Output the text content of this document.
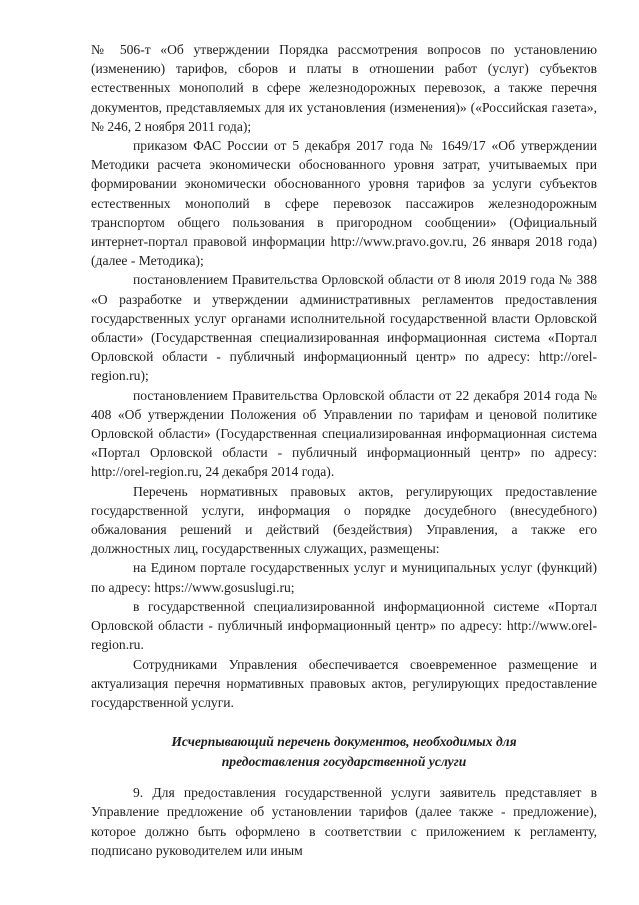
№ 506-т «Об утверждении Порядка рассмотрения вопросов по установлению (изменению) тарифов, сборов и платы в отношении работ (услуг) субъектов естественных монополий в сфере железнодорожных перевозок, а также перечня документов, представляемых для их установления (изменения)» («Российская газета», № 246, 2 ноября 2011 года);

приказом ФАС России от 5 декабря 2017 года № 1649/17 «Об утверждении Методики расчета экономически обоснованного уровня затрат, учитываемых при формировании экономически обоснованного уровня тарифов за услуги субъектов естественных монополий в сфере перевозок пассажиров железнодорожным транспортом общего пользования в пригородном сообщении» (Официальный интернет-портал правовой информации http://www.pravo.gov.ru, 26 января 2018 года) (далее - Методика);

постановлением Правительства Орловской области от 8 июля 2019 года № 388 «О разработке и утверждении административных регламентов предоставления государственных услуг органами исполнительной государственной власти Орловской области» (Государственная специализированная информационная система «Портал Орловской области - публичный информационный центр» по адресу: http://orel-region.ru);

постановлением Правительства Орловской области от 22 декабря 2014 года № 408 «Об утверждении Положения об Управлении по тарифам и ценовой политике Орловской области» (Государственная специализированная информационная система «Портал Орловской области - публичный информационный центр» по адресу: http://orel-region.ru, 24 декабря 2014 года).

Перечень нормативных правовых актов, регулирующих предоставление государственной услуги, информация о порядке досудебного (внесудебного) обжалования решений и действий (бездействия) Управления, а также его должностных лиц, государственных служащих, размещены:

на Едином портале государственных услуг и муниципальных услуг (функций) по адресу: https://www.gosuslugi.ru;

в государственной специализированной информационной системе «Портал Орловской области - публичный информационный центр» по адресу: http://www.orel-region.ru.

Сотрудниками Управления обеспечивается своевременное размещение и актуализация перечня нормативных правовых актов, регулирующих предоставление государственной услуги.

Исчерпывающий перечень документов, необходимых для
предоставления государственной услуги

9. Для предоставления государственной услуги заявитель представляет в Управление предложение об установлении тарифов (далее также - предложение), которое должно быть оформлено в соответствии с приложением к регламенту, подписано руководителем или иным
